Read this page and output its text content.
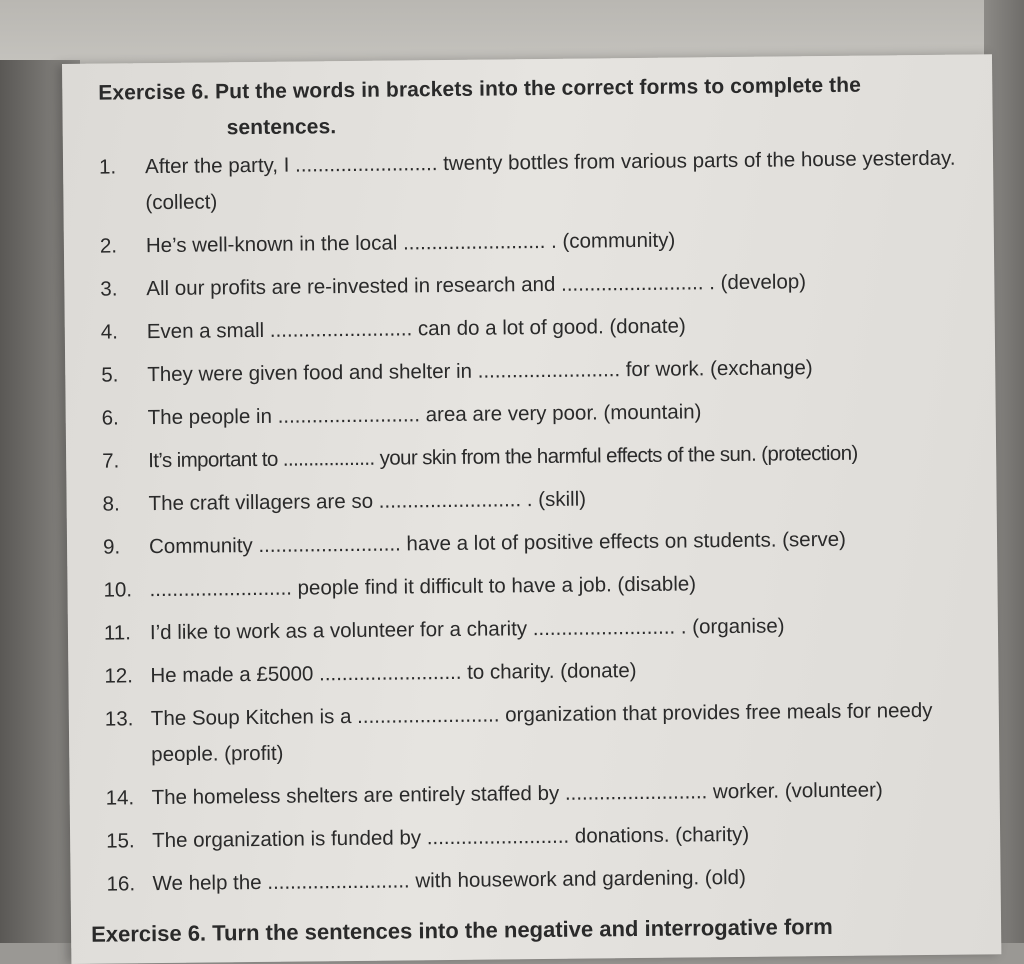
Exercise 6. Put the words in brackets into the correct forms to complete the
sentences.
1.	After the party, I ......................... twenty bottles from various parts of the house yesterday. (collect)
2.	He’s well-known in the local ......................... . (community)
3.	All our profits are re-invested in research and ......................... . (develop)
4.	Even a small ......................... can do a lot of good. (donate)
5.	They were given food and shelter in ......................... for work. (exchange)
6.	The people in ......................... area are very poor. (mountain)
7.	It’s important to .................. your skin from the harmful effects of the sun. (protection)
8.	The craft villagers are so ......................... . (skill)
9.	Community ......................... have a lot of positive effects on students. (serve)
10. ......................... people find it difficult to have a job. (disable)
11. I’d like to work as a volunteer for a charity ......................... . (organise)
12. He made a £5000 ......................... to charity. (donate)
13. The Soup Kitchen is a ......................... organization that provides free meals for needy people. (profit)
14. The homeless shelters are entirely staffed by ......................... worker. (volunteer)
15. The organization is funded by ......................... donations. (charity)
16. We help the ......................... with housework and gardening. (old)
Exercise 6. Turn the sentences into the negative and interrogative form
